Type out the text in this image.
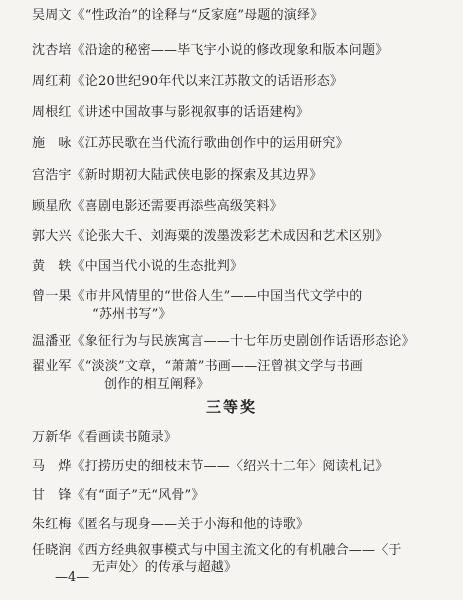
吴周文《“性政治”的诠释与“反家庭”母题的演绎》
沈杏培《沿途的秘密——毕飞宇小说的修改现象和版本问题》
周红莉《论20世纪90年代以来江苏散文的话语形态》
周根红《讲述中国故事与影视叙事的话语建构》
施　咏《江苏民歌在当代流行歌曲创作中的运用研究》
宫浩宇《新时期初大陆武侠电影的探索及其边界》
顾星欣《喜剧电影还需要再添些高级笑料》
郭大兴《论张大千、刘海粟的泼墨泼彩艺术成因和艺术区别》
黄　轶《中国当代小说的生态批判》
曾一果《市井风情里的“世俗人生”——中国当代文学中的
“苏州书写”》
温潘亚《象征行为与民族寓言——十七年历史剧创作话语形态论》
翟业军《“淡淡”文章，“萧萧”书画——汪曾祺文学与书画
创作的相互阐释》
三等奖
万新华《看画读书随录》
马　烨《打捞历史的细枝末节——〈绍兴十二年〉阅读札记》
甘　锋《有“面子”无“风骨”》
朱红梅《匿名与现身——关于小海和他的诗歌》
任晓润《西方经典叙事模式与中国主流文化的有机融合——〈于
无声处〉的传承与超越》
—4—
